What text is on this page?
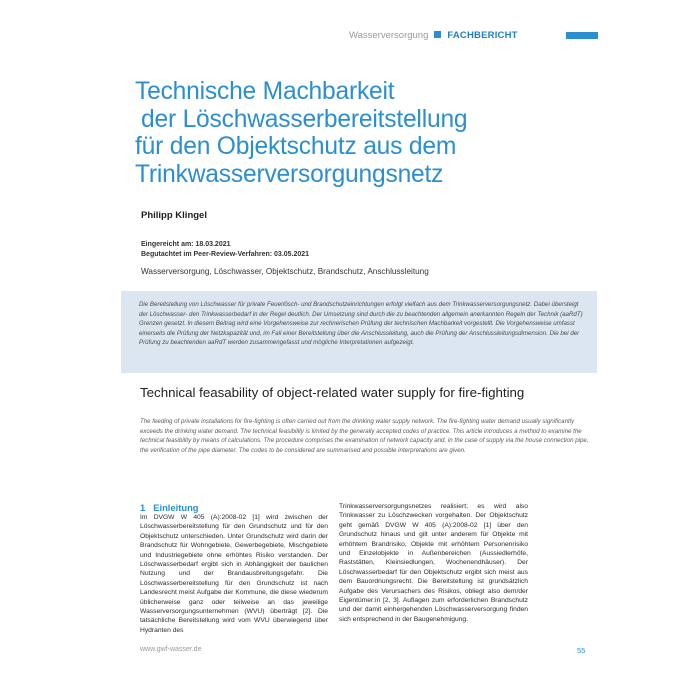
Wasserversorgung FACHBERICHT
Technische Machbarkeit
der Löschwasserbereitstellung
für den Objektschutz aus dem
Trinkwasserversorgungsnetz
Philipp Klingel
Eingereicht am: 18.03.2021
Begutachtet im Peer-Review-Verfahren: 03.05.2021
Wasserversorgung, Löschwasser, Objektschutz, Brandschutz, Anschlussleitung

Die Bereitstellung von Löschwasser für private Feuerlösch- und Brandschutzeinrichtungen erfolgt vielfach aus dem Trinkwasserversorgungsnetz. Dabei übersteigt der Löschwasser- den Trinkwasserbedarf in der Regel deutlich. Der Umsetzung sind durch die zu beachtenden allgemein anerkannten Regeln der Technik (aaRdT) Grenzen gesetzt. In diesem Beitrag wird eine Vorgehensweise zur rechnerischen Prüfung der technischen Machbarkeit vorgestellt. Die Vorgehensweise umfasst einerseits die Prüfung der Netzkapazität und, im Fall einer Bereitstellung über die Anschlussleitung, auch die Prüfung der Anschlussleitungsdimension. Die bei der Prüfung zu beachtenden aaRdT werden zusammengefasst und mögliche Interpretationen aufgezeigt.

Technical feasability of object-related water supply for fire-fighting

The feeding of private installations for fire-fighting is often carried out from the drinking water supply network. The fire-fighting water demand usually significantly exceeds the drinking water demand. The technical feasibility is limited by the generally accepted codes of practice. This article introduces a method to examine the technical feasibility by means of calculations. The procedure comprises the examination of network capacity and, in the case of supply via the house connection pipe, the verification of the pipe diameter. The codes to be considered are summarised and possible interpretations are given.

1 Einleitung

Im DVGW W 405 (A):2008-02 [1] wird zwischen der Löschwasserbereitstellung für den Grundschutz und für den Objektschutz unterschieden. Unter Grundschutz wird darin der Brandschutz für Wohngebiete, Gewerbegebiete, Mischgebiete und Industriegebiete ohne erhöhtes Risiko verstanden. Der Löschwasserbedarf ergibt sich in Abhängigkeit der baulichen Nutzung und der Brandausbreitungsgefahr. Die Löschwasserbereitstellung für den Grundschutz ist nach Landesrecht meist Aufgabe der Kommune, die diese wiederum üblicherweise ganz oder teilweise an das jeweilige Wasserversorgungsunternehmen (WVU) überträgt [2]. Die tatsächliche Bereitstellung wird vom WVU überwiegend über Hydranten des

Trinkwasserversorgungsnetzes realisiert; es wird also Trinkwasser zu Löschzwecken vorgehalten. Der Objektschutz geht gemäß DVGW W 405 (A):2008-02 [1] über den Grundschutz hinaus und gilt unter anderem für Objekte mit erhöhtem Brandrisiko, Objekte mit erhöhtem Personenrisiko und Einzelobjekte in Außenbereichen (Aussiedlerhöfe, Raststätten, Kleinsiedlungen, Wochenendhäuser). Der Löschwasserbedarf für den Objektschutz ergibt sich meist aus dem Bauordnungsrecht. Die Bereitstellung ist grundsätzlich Aufgabe des Verursachers des Risikos, obliegt also dem/der Eigentümer:in [2, 3]. Auflagen zum erforderlichen Brandschutz und der damit einhergehenden Löschwasserversorgung finden sich entsprechend in der Baugenehmigung.

www.gwf-wasser.de	55
